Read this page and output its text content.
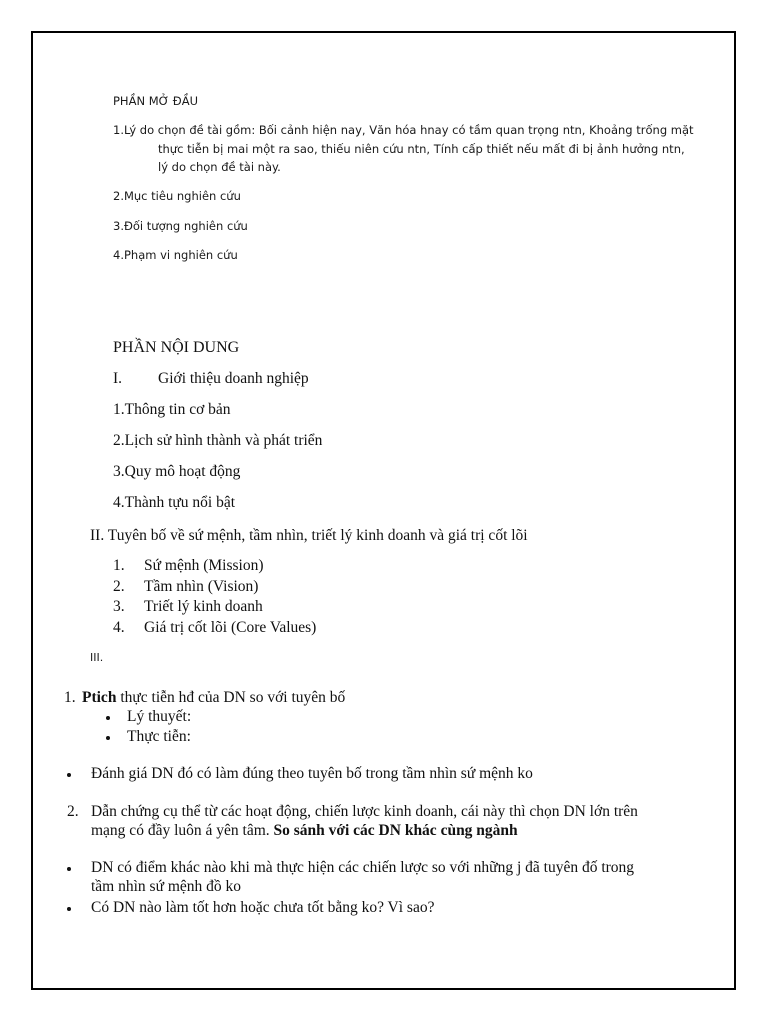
PHẦN MỞ ĐẦU
1.Lý do chọn đề tài gồm: Bối cảnh hiện nay, Văn hóa hnay có tầm quan trọng ntn, Khoảng trống mặt
thực tiễn bị mai một ra sao, thiếu niên cứu ntn, Tính cấp thiết nếu mất đi bị ảnh hưởng ntn,
lý do chọn đề tài này.
2.Mục tiêu nghiên cứu
3.Đối tượng nghiên cứu
4.Phạm vi nghiên cứu
PHẦN NỘI DUNG
I. Giới thiệu doanh nghiệp
1.Thông tin cơ bản
2.Lịch sử hình thành và phát triển
3.Quy mô hoạt động
4.Thành tựu nổi bật
II. Tuyên bố về sứ mệnh, tầm nhìn, triết lý kinh doanh và giá trị cốt lõi
1. Sứ mệnh (Mission)
2. Tầm nhìn (Vision)
3. Triết lý kinh doanh
4. Giá trị cốt lõi (Core Values)
III.
1. Ptich thực tiễn hđ của DN so với tuyên bố
Lý thuyết:
Thực tiễn:
Đánh giá DN đó có làm đúng theo tuyên bố trong tầm nhìn sứ mệnh ko
2. Dẫn chứng cụ thể từ các hoạt động, chiến lược kinh doanh, cái này thì chọn DN lớn trên
mạng có đầy luôn á yên tâm. So sánh với các DN khác cùng ngành
DN có điểm khác nào khi mà thực hiện các chiến lược so với những j đã tuyên đố trong
tầm nhìn sứ mệnh đồ ko
Có DN nào làm tốt hơn hoặc chưa tốt bằng ko? Vì sao?
